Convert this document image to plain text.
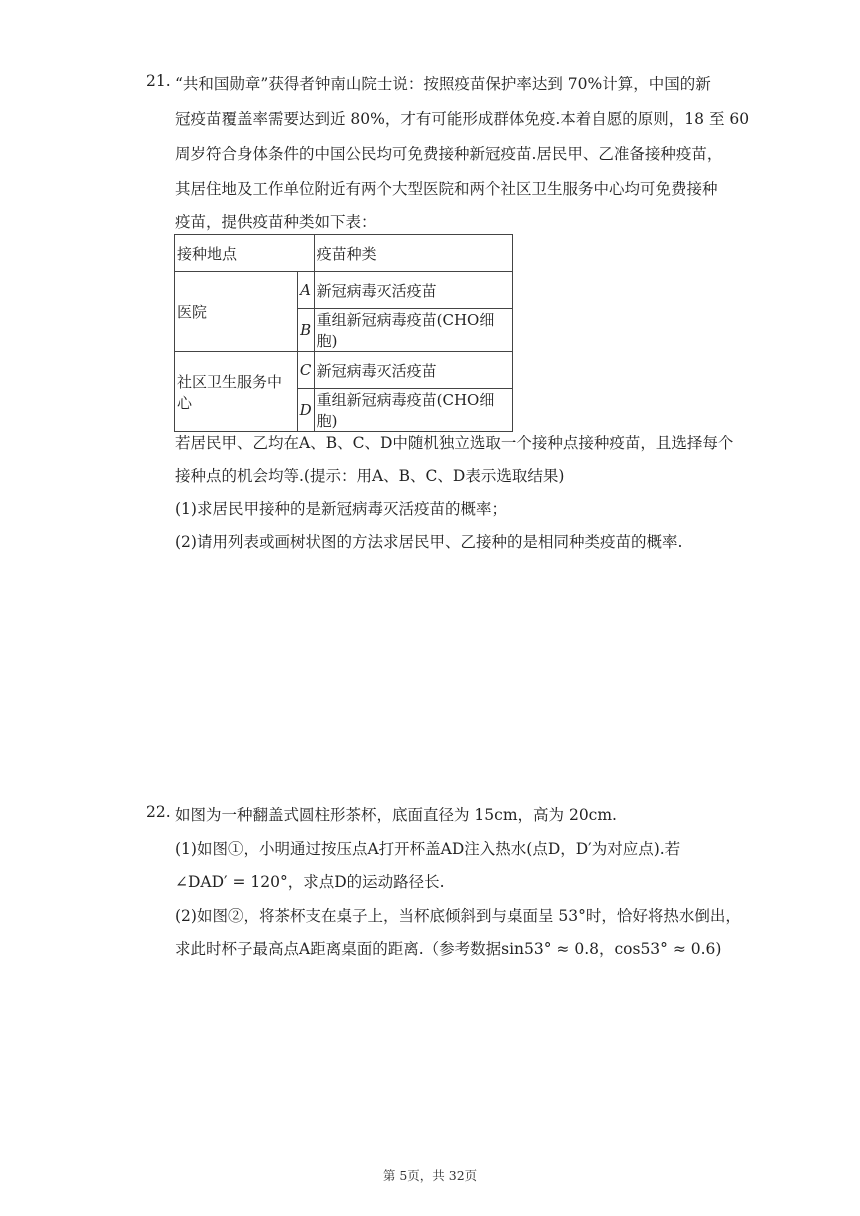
21. “共和国勋章”获得者钟南山院士说：按照疫苗保护率达到 70%计算，中国的新
冠疫苗覆盖率需要达到近 80%，才有可能形成群体免疫.本着自愿的原则，18 至 60
周岁符合身体条件的中国公民均可免费接种新冠疫苗.居民甲、乙准备接种疫苗，
其居住地及工作单位附近有两个大型医院和两个社区卫生服务中心均可免费接种
疫苗，提供疫苗种类如下表：
接种地点		疫苗种类
医院	A	新冠病毒灭活疫苗
	B	重组新冠病毒疫苗(CHO细胞)
社区卫生服务中心	C	新冠病毒灭活疫苗
	D	重组新冠病毒疫苗(CHO细胞)
若居民甲、乙均在A、B、C、D中随机独立选取一个接种点接种疫苗，且选择每个
接种点的机会均等.(提示：用A、B、C、D表示选取结果)
(1)求居民甲接种的是新冠病毒灭活疫苗的概率；
(2)请用列表或画树状图的方法求居民甲、乙接种的是相同种类疫苗的概率.
22. 如图为一种翻盖式圆柱形茶杯，底面直径为 15cm，高为 20cm.
(1)如图①，小明通过按压点A打开杯盖AD注入热水(点D，D′为对应点).若
∠DAD′ = 120°，求点D的运动路径长.
(2)如图②，将茶杯支在桌子上，当杯底倾斜到与桌面呈 53°时，恰好将热水倒出，
求此时杯子最高点A距离桌面的距离.（参考数据sin53° ≈ 0.8，cos53° ≈ 0.6)
第 5页，共 32页
